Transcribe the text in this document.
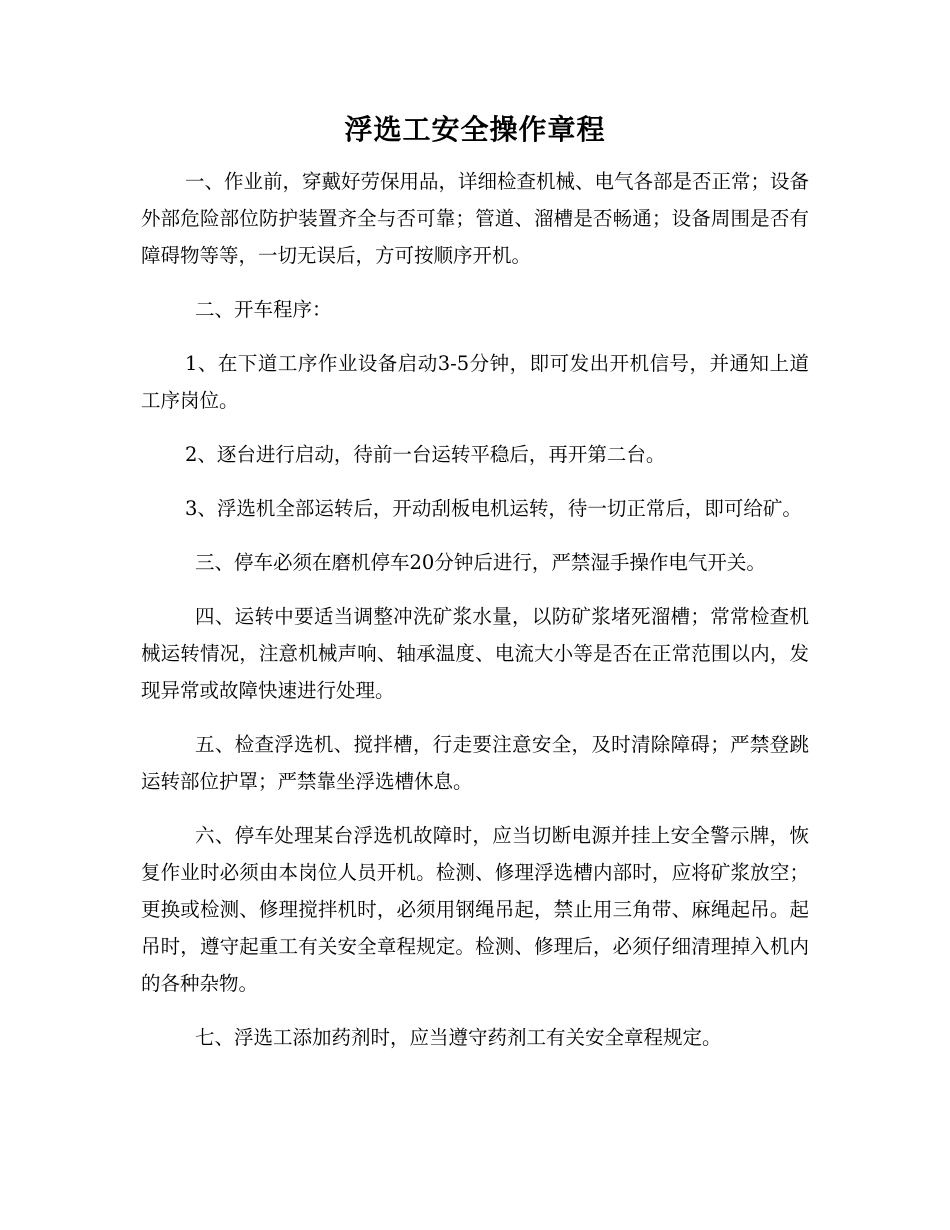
浮选工安全操作章程

一、作业前，穿戴好劳保用品，详细检查机械、电气各部是否正常；设备外部危险部位防护装置齐全与否可靠；管道、溜槽是否畅通；设备周围是否有障碍物等等，一切无误后，方可按顺序开机。

二、开车程序：

1、在下道工序作业设备启动3-5分钟，即可发出开机信号，并通知上道工序岗位。

2、逐台进行启动，待前一台运转平稳后，再开第二台。

3、浮选机全部运转后，开动刮板电机运转，待一切正常后，即可给矿。

三、停车必须在磨机停车20分钟后进行，严禁湿手操作电气开关。

四、运转中要适当调整冲洗矿浆水量，以防矿浆堵死溜槽；常常检查机械运转情况，注意机械声响、轴承温度、电流大小等是否在正常范围以内，发现异常或故障快速进行处理。

五、检查浮选机、搅拌槽，行走要注意安全，及时清除障碍；严禁登跳运转部位护罩；严禁靠坐浮选槽休息。

六、停车处理某台浮选机故障时，应当切断电源并挂上安全警示牌，恢复作业时必须由本岗位人员开机。检测、修理浮选槽内部时，应将矿浆放空；更换或检测、修理搅拌机时，必须用钢绳吊起，禁止用三角带、麻绳起吊。起吊时，遵守起重工有关安全章程规定。检测、修理后，必须仔细清理掉入机内的各种杂物。

七、浮选工添加药剂时，应当遵守药剂工有关安全章程规定。
